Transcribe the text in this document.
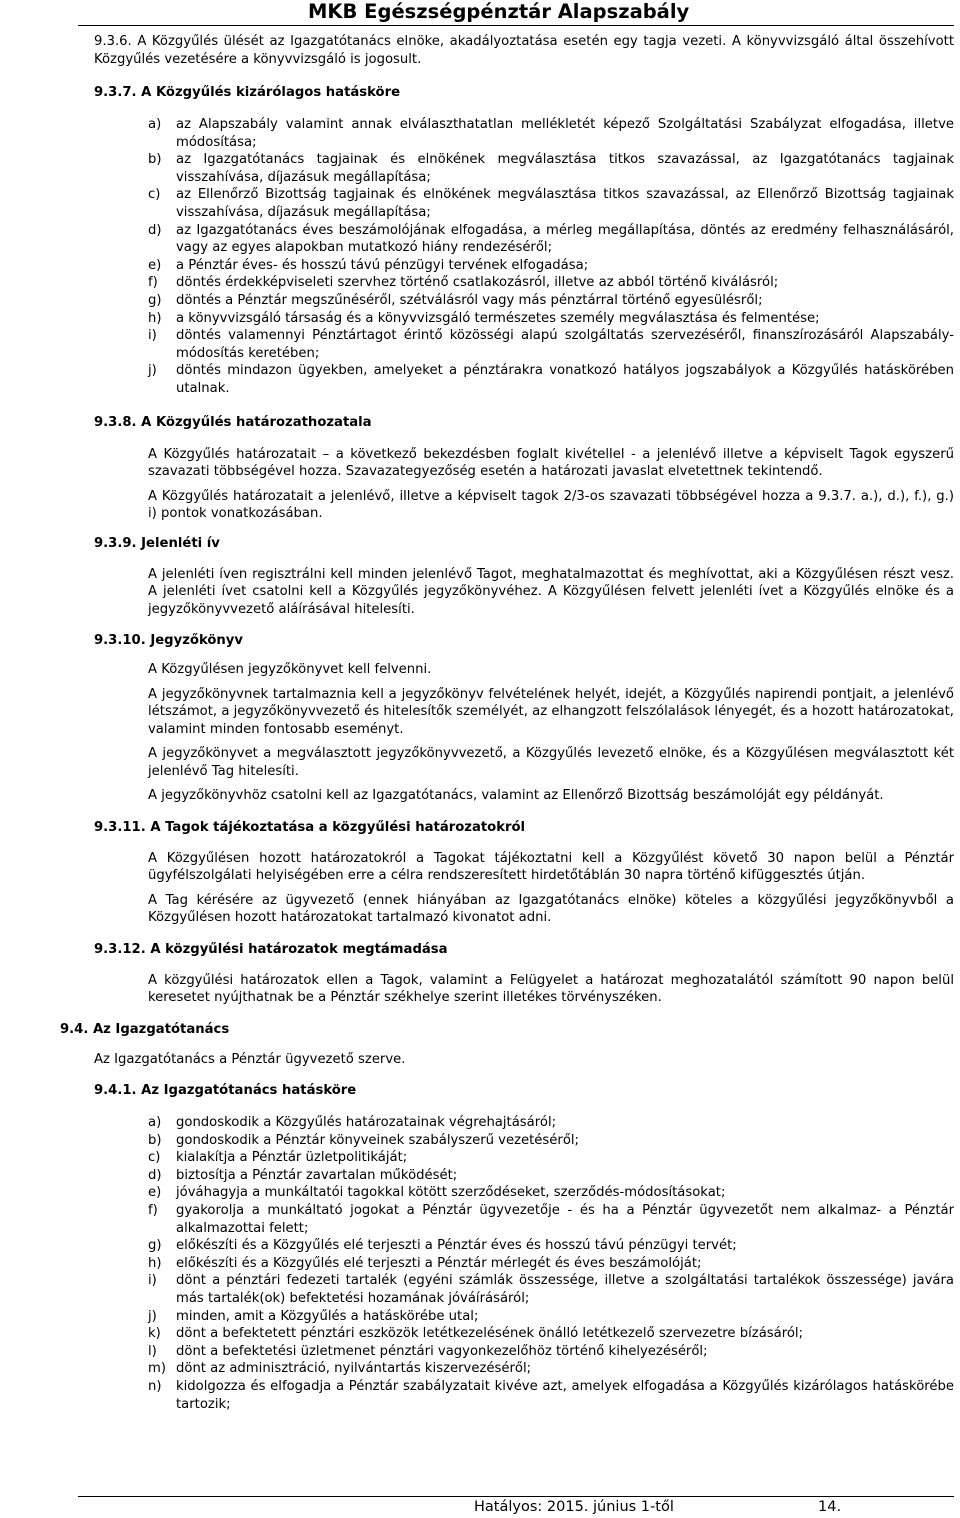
MKB Egészségpénztár Alapszabály

9.3.6. A Közgyűlés ülését az Igazgatótanács elnöke, akadályoztatása esetén egy tagja vezeti. A könyvvizsgáló által összehívott Közgyűlés vezetésére a könyvvizsgáló is jogosult.

9.3.7. A Közgyűlés kizárólagos hatásköre

a) az Alapszabály valamint annak elválaszthatatlan mellékletét képező Szolgáltatási Szabályzat elfogadása, illetve módosítása;
b) az Igazgatótanács tagjainak és elnökének megválasztása titkos szavazással, az Igazgatótanács tagjainak visszahívása, díjazásuk megállapítása;
c) az Ellenőrző Bizottság tagjainak és elnökének megválasztása titkos szavazással, az Ellenőrző Bizottság tagjainak visszahívása, díjazásuk megállapítása;
d) az Igazgatótanács éves beszámolójának elfogadása, a mérleg megállapítása, döntés az eredmény felhasználásáról, vagy az egyes alapokban mutatkozó hiány rendezéséről;
e) a Pénztár éves- és hosszú távú pénzügyi tervének elfogadása;
f) döntés érdekképviseleti szervhez történő csatlakozásról, illetve az abból történő kiválásról;
g) döntés a Pénztár megszűnéséről, szétválásról vagy más pénztárral történő egyesülésről;
h) a könyvvizsgáló társaság és a könyvvizsgáló természetes személy megválasztása és felmentése;
i) döntés valamennyi Pénztártagot érintő közösségi alapú szolgáltatás szervezéséről, finanszírozásáról Alapszabály-módosítás keretében;
j) döntés mindazon ügyekben, amelyeket a pénztárakra vonatkozó hatályos jogszabályok a Közgyűlés hatáskörében utalnak.

9.3.8. A Közgyűlés határozathozatala

A Közgyűlés határozatait – a következő bekezdésben foglalt kivétellel - a jelenlévő illetve a képviselt Tagok egyszerű szavazati többségével hozza. Szavazategyezőség esetén a határozati javaslat elvetettnek tekintendő.

A Közgyűlés határozatait a jelenlévő, illetve a képviselt tagok 2/3-os szavazati többségével hozza a 9.3.7. a.), d.), f.), g.) i) pontok vonatkozásában.

9.3.9. Jelenléti ív

A jelenléti íven regisztrálni kell minden jelenlévő Tagot, meghatalmazottat és meghívottat, aki a Közgyűlésen részt vesz. A jelenléti ívet csatolni kell a Közgyűlés jegyzőkönyvéhez. A Közgyűlésen felvett jelenléti ívet a Közgyűlés elnöke és a jegyzőkönyvvezető aláírásával hitelesíti.

9.3.10. Jegyzőkönyv

A Közgyűlésen jegyzőkönyvet kell felvenni.

A jegyzőkönyvnek tartalmaznia kell a jegyzőkönyv felvételének helyét, idejét, a Közgyűlés napirendi pontjait, a jelenlévő létszámot, a jegyzőkönyvvezető és hitelesítők személyét, az elhangzott felszólalások lényegét, és a hozott határozatokat, valamint minden fontosabb eseményt.

A jegyzőkönyvet a megválasztott jegyzőkönyvvezető, a Közgyűlés levezető elnöke, és a Közgyűlésen megválasztott két jelenlévő Tag hitelesíti.

A jegyzőkönyvhöz csatolni kell az Igazgatótanács, valamint az Ellenőrző Bizottság beszámolóját egy példányát.

9.3.11. A Tagok tájékoztatása a közgyűlési határozatokról

A Közgyűlésen hozott határozatokról a Tagokat tájékoztatni kell a Közgyűlést követő 30 napon belül a Pénztár ügyfélszolgálati helyiségében erre a célra rendszeresített hirdetőtáblán 30 napra történő kifüggesztés útján.

A Tag kérésére az ügyvezető (ennek hiányában az Igazgatótanács elnöke) köteles a közgyűlési jegyzőkönyvből a Közgyűlésen hozott határozatokat tartalmazó kivonatot adni.

9.3.12. A közgyűlési határozatok megtámadása

A közgyűlési határozatok ellen a Tagok, valamint a Felügyelet a határozat meghozatalától számított 90 napon belül keresetet nyújthatnak be a Pénztár székhelye szerint illetékes törvényszéken.

9.4. Az Igazgatótanács

Az Igazgatótanács a Pénztár ügyvezető szerve.

9.4.1. Az Igazgatótanács hatásköre

a) gondoskodik a Közgyűlés határozatainak végrehajtásáról;
b) gondoskodik a Pénztár könyveinek szabályszerű vezetéséről;
c) kialakítja a Pénztár üzletpolitikáját;
d) biztosítja a Pénztár zavartalan működését;
e) jóváhagyja a munkáltatói tagokkal kötött szerződéseket, szerződés-módosításokat;
f) gyakorolja a munkáltató jogokat a Pénztár ügyvezetője - és ha a Pénztár ügyvezetőt nem alkalmaz- a Pénztár alkalmazottai felett;
g) előkészíti és a Közgyűlés elé terjeszti a Pénztár éves és hosszú távú pénzügyi tervét;
h) előkészíti és a Közgyűlés elé terjeszti a Pénztár mérlegét és éves beszámolóját;
i) dönt a pénztári fedezeti tartalék (egyéni számlák összessége, illetve a szolgáltatási tartalékok összessége) javára más tartalék(ok) befektetési hozamának jóváírásáról;
j) minden, amit a Közgyűlés a hatáskörébe utal;
k) dönt a befektetett pénztári eszközök letétkezelésének önálló letétkezelő szervezetre bízásáról;
l) dönt a befektetési üzletmenet pénztári vagyonkezelőhöz történő kihelyezéséről;
m) dönt az adminisztráció, nyilvántartás kiszervezéséről;
n) kidolgozza és elfogadja a Pénztár szabályzatait kivéve azt, amelyek elfogadása a Közgyűlés kizárólagos hatáskörébe tartozik;
Hatályos: 2015. június 1-től	14.
